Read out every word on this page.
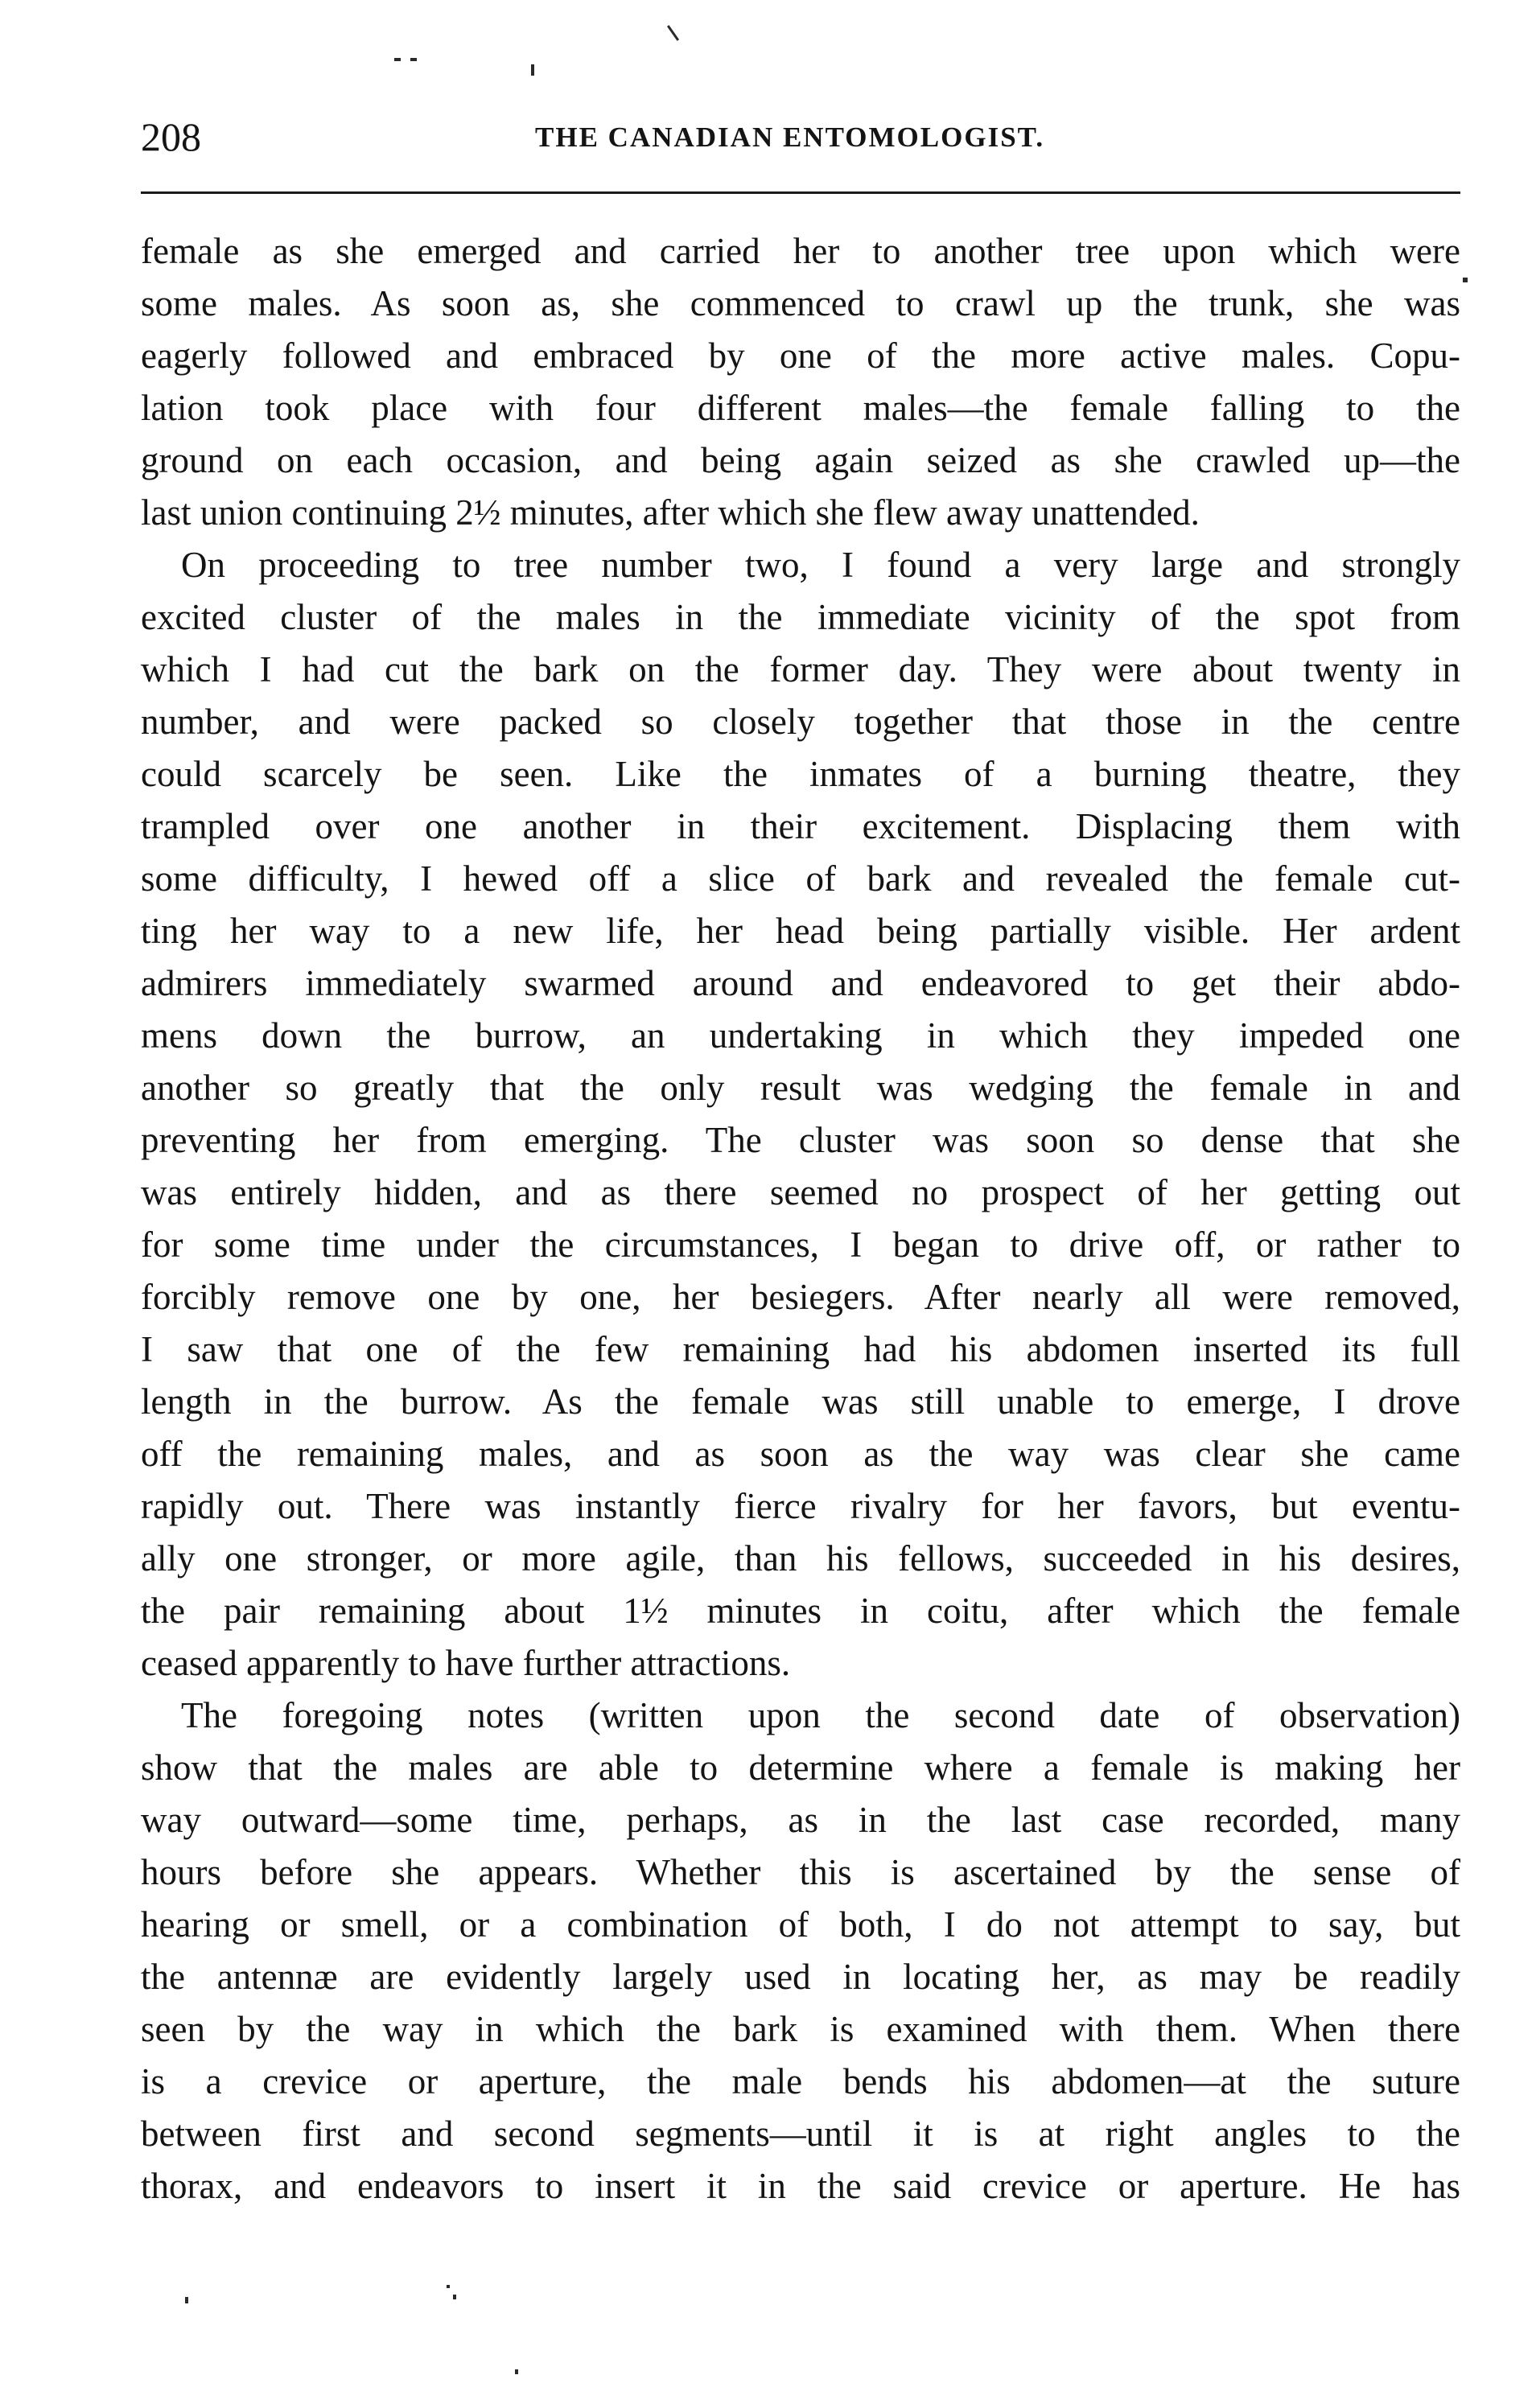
208	THE CANADIAN ENTOMOLOGIST.
female as she emerged and carried her to another tree upon which were
some males. As soon as, she commenced to crawl up the trunk, she was
eagerly followed and embraced by one of the more active males. Copu-
lation took place with four different males—the female falling to the
ground on each occasion, and being again seized as she crawled up—the
last union continuing 2½ minutes, after which she flew away unattended.
On proceeding to tree number two, I found a very large and strongly
excited cluster of the males in the immediate vicinity of the spot from
which I had cut the bark on the former day. They were about twenty in
number, and were packed so closely together that those in the centre
could scarcely be seen. Like the inmates of a burning theatre, they
trampled over one another in their excitement. Displacing them with
some difficulty, I hewed off a slice of bark and revealed the female cut-
ting her way to a new life, her head being partially visible. Her ardent
admirers immediately swarmed around and endeavored to get their abdo-
mens down the burrow, an undertaking in which they impeded one
another so greatly that the only result was wedging the female in and
preventing her from emerging. The cluster was soon so dense that she
was entirely hidden, and as there seemed no prospect of her getting out
for some time under the circumstances, I began to drive off, or rather to
forcibly remove one by one, her besiegers. After nearly all were removed,
I saw that one of the few remaining had his abdomen inserted its full
length in the burrow. As the female was still unable to emerge, I drove
off the remaining males, and as soon as the way was clear she came
rapidly out. There was instantly fierce rivalry for her favors, but eventu-
ally one stronger, or more agile, than his fellows, succeeded in his desires,
the pair remaining about 1½ minutes in coitu, after which the female
ceased apparently to have further attractions.
The foregoing notes (written upon the second date of observation)
show that the males are able to determine where a female is making her
way outward—some time, perhaps, as in the last case recorded, many
hours before she appears. Whether this is ascertained by the sense of
hearing or smell, or a combination of both, I do not attempt to say, but
the antennæ are evidently largely used in locating her, as may be readily
seen by the way in which the bark is examined with them. When there
is a crevice or aperture, the male bends his abdomen—at the suture
between first and second segments—until it is at right angles to the
thorax, and endeavors to insert it in the said crevice or aperture. He has
